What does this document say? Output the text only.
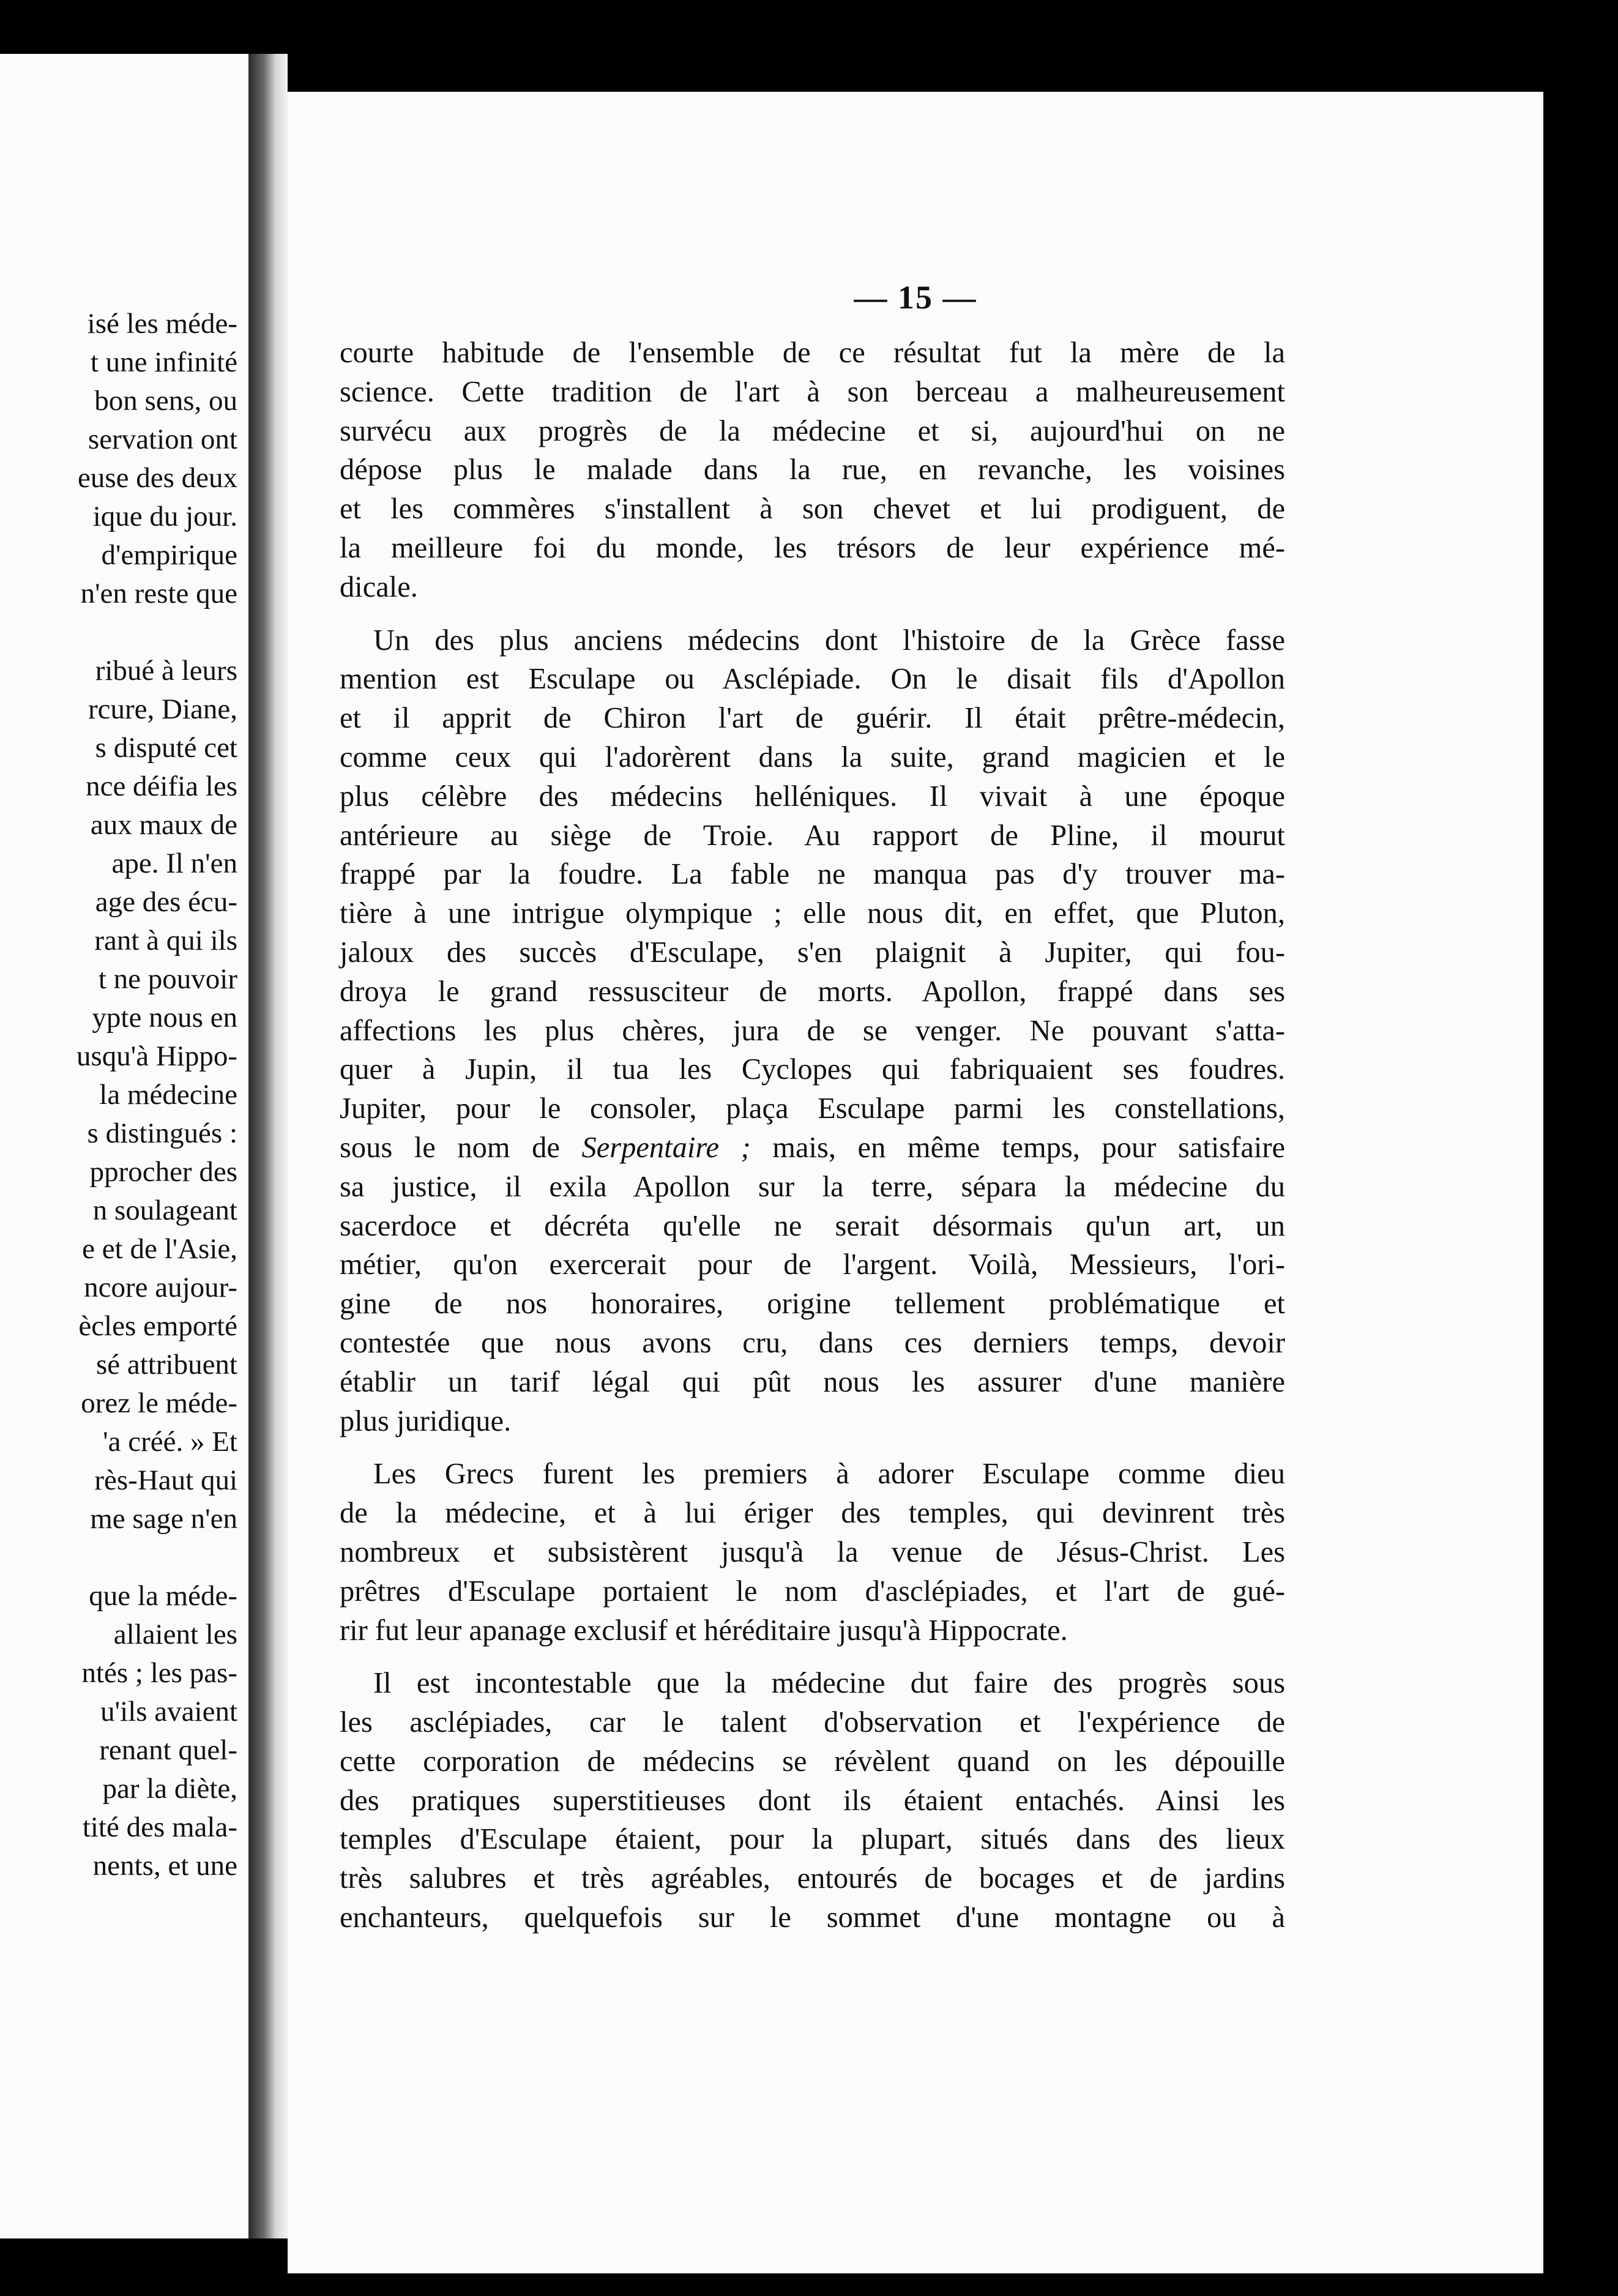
isé les méde-
t une infinité
bon sens, ou
servation ont
euse des deux
ique du jour.
d'empirique
n'en reste que
ribué à leurs
rcure, Diane,
s disputé cet
nce déifia les
aux maux de
ape. Il n'en
age des écu-
rant à qui ils
t ne pouvoir
ypte nous en
usqu'à Hippo-
la médecine
s distingués :
pprocher des
n soulageant
e et de l'Asie,
ncore aujour-
ècles emporté
sé attribuent
orez le méde-
'a créé. » Et
rès-Haut qui
me sage n'en
que la méde-
allaient les
ntés ; les pas-
u'ils avaient
renant quel-
par la diète,
tité des mala-
nents, et une
— 15 —

courte habitude de l'ensemble de ce résultat fut la mère de la
science. Cette tradition de l'art à son berceau a malheureusement
survécu aux progrès de la médecine et si, aujourd'hui on ne
dépose plus le malade dans la rue, en revanche, les voisines
et les commères s'installent à son chevet et lui prodiguent, de
la meilleure foi du monde, les trésors de leur expérience mé-
dicale.

Un des plus anciens médecins dont l'histoire de la Grèce fasse
mention est Esculape ou Asclépiade. On le disait fils d'Apollon
et il apprit de Chiron l'art de guérir. Il était prêtre-médecin,
comme ceux qui l'adorèrent dans la suite, grand magicien et le
plus célèbre des médecins helléniques. Il vivait à une époque
antérieure au siège de Troie. Au rapport de Pline, il mourut
frappé par la foudre. La fable ne manqua pas d'y trouver ma-
tière à une intrigue olympique ; elle nous dit, en effet, que Pluton,
jaloux des succès d'Esculape, s'en plaignit à Jupiter, qui fou-
droya le grand ressusciteur de morts. Apollon, frappé dans ses
affections les plus chères, jura de se venger. Ne pouvant s'atta-
quer à Jupin, il tua les Cyclopes qui fabriquaient ses foudres.
Jupiter, pour le consoler, plaça Esculape parmi les constellations,
sous le nom de Serpentaire ; mais, en même temps, pour satisfaire
sa justice, il exila Apollon sur la terre, sépara la médecine du
sacerdoce et décréta qu'elle ne serait désormais qu'un art, un
métier, qu'on exercerait pour de l'argent. Voilà, Messieurs, l'ori-
gine de nos honoraires, origine tellement problématique et
contestée que nous avons cru, dans ces derniers temps, devoir
établir un tarif légal qui pût nous les assurer d'une manière
plus juridique.

Les Grecs furent les premiers à adorer Esculape comme dieu
de la médecine, et à lui ériger des temples, qui devinrent très
nombreux et subsistèrent jusqu'à la venue de Jésus-Christ. Les
prêtres d'Esculape portaient le nom d'asclépiades, et l'art de gué-
rir fut leur apanage exclusif et héréditaire jusqu'à Hippocrate.

Il est incontestable que la médecine dut faire des progrès sous
les asclépiades, car le talent d'observation et l'expérience de
cette corporation de médecins se révèlent quand on les dépouille
des pratiques superstitieuses dont ils étaient entachés. Ainsi les
temples d'Esculape étaient, pour la plupart, situés dans des lieux
très salubres et très agréables, entourés de bocages et de jardins
enchanteurs, quelquefois sur le sommet d'une montagne ou à
